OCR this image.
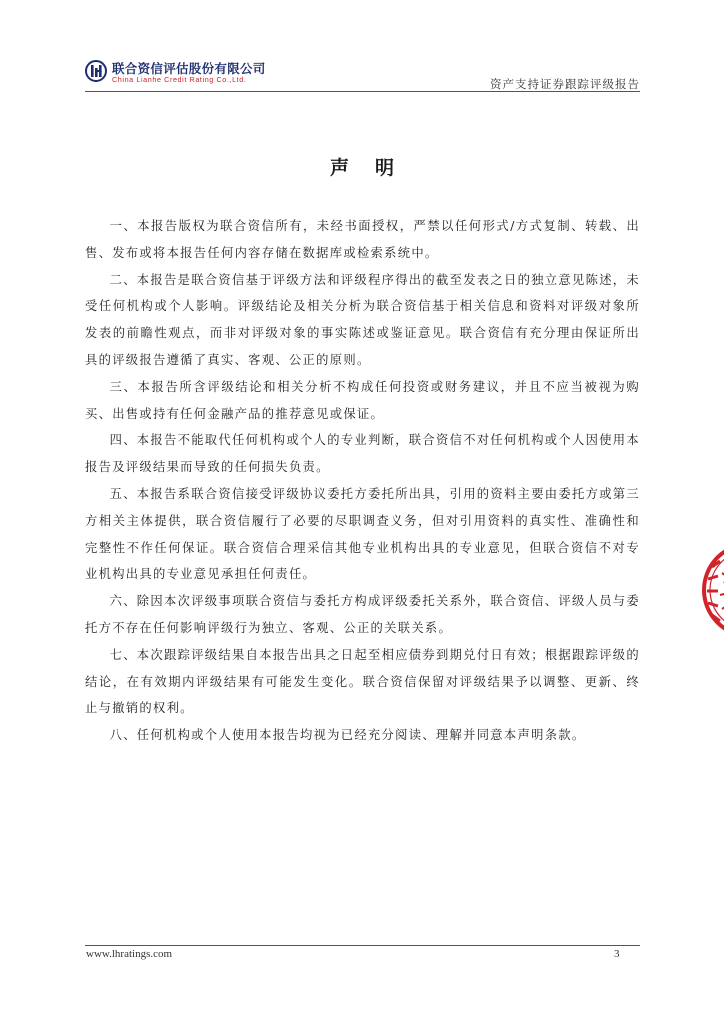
联合资信评估股份有限公司
China Lianhe Credit Rating Co.,Ltd.	资产支持证券跟踪评级报告
声明

一、本报告版权为联合资信所有，未经书面授权，严禁以任何形式/方式复制、转载、出售、发布或将本报告任何内容存储在数据库或检索系统中。

二、本报告是联合资信基于评级方法和评级程序得出的截至发表之日的独立意见陈述，未受任何机构或个人影响。评级结论及相关分析为联合资信基于相关信息和资料对评级对象所发表的前瞻性观点，而非对评级对象的事实陈述或鉴证意见。联合资信有充分理由保证所出具的评级报告遵循了真实、客观、公正的原则。

三、本报告所含评级结论和相关分析不构成任何投资或财务建议，并且不应当被视为购买、出售或持有任何金融产品的推荐意见或保证。

四、本报告不能取代任何机构或个人的专业判断，联合资信不对任何机构或个人因使用本报告及评级结果而导致的任何损失负责。

五、本报告系联合资信接受评级协议委托方委托所出具，引用的资料主要由委托方或第三方相关主体提供，联合资信履行了必要的尽职调查义务，但对引用资料的真实性、准确性和完整性不作任何保证。联合资信合理采信其他专业机构出具的专业意见，但联合资信不对专业机构出具的专业意见承担任何责任。

六、除因本次评级事项联合资信与委托方构成评级委托关系外，联合资信、评级人员与委托方不存在任何影响评级行为独立、客观、公正的关联关系。

七、本次跟踪评级结果自本报告出具之日起至相应债券到期兑付日有效；根据跟踪评级的结论，在有效期内评级结果有可能发生变化。联合资信保留对评级结果予以调整、更新、终止与撤销的权利。

八、任何机构或个人使用本报告均视为已经充分阅读、理解并同意本声明条款。

www.lhratings.com	3
